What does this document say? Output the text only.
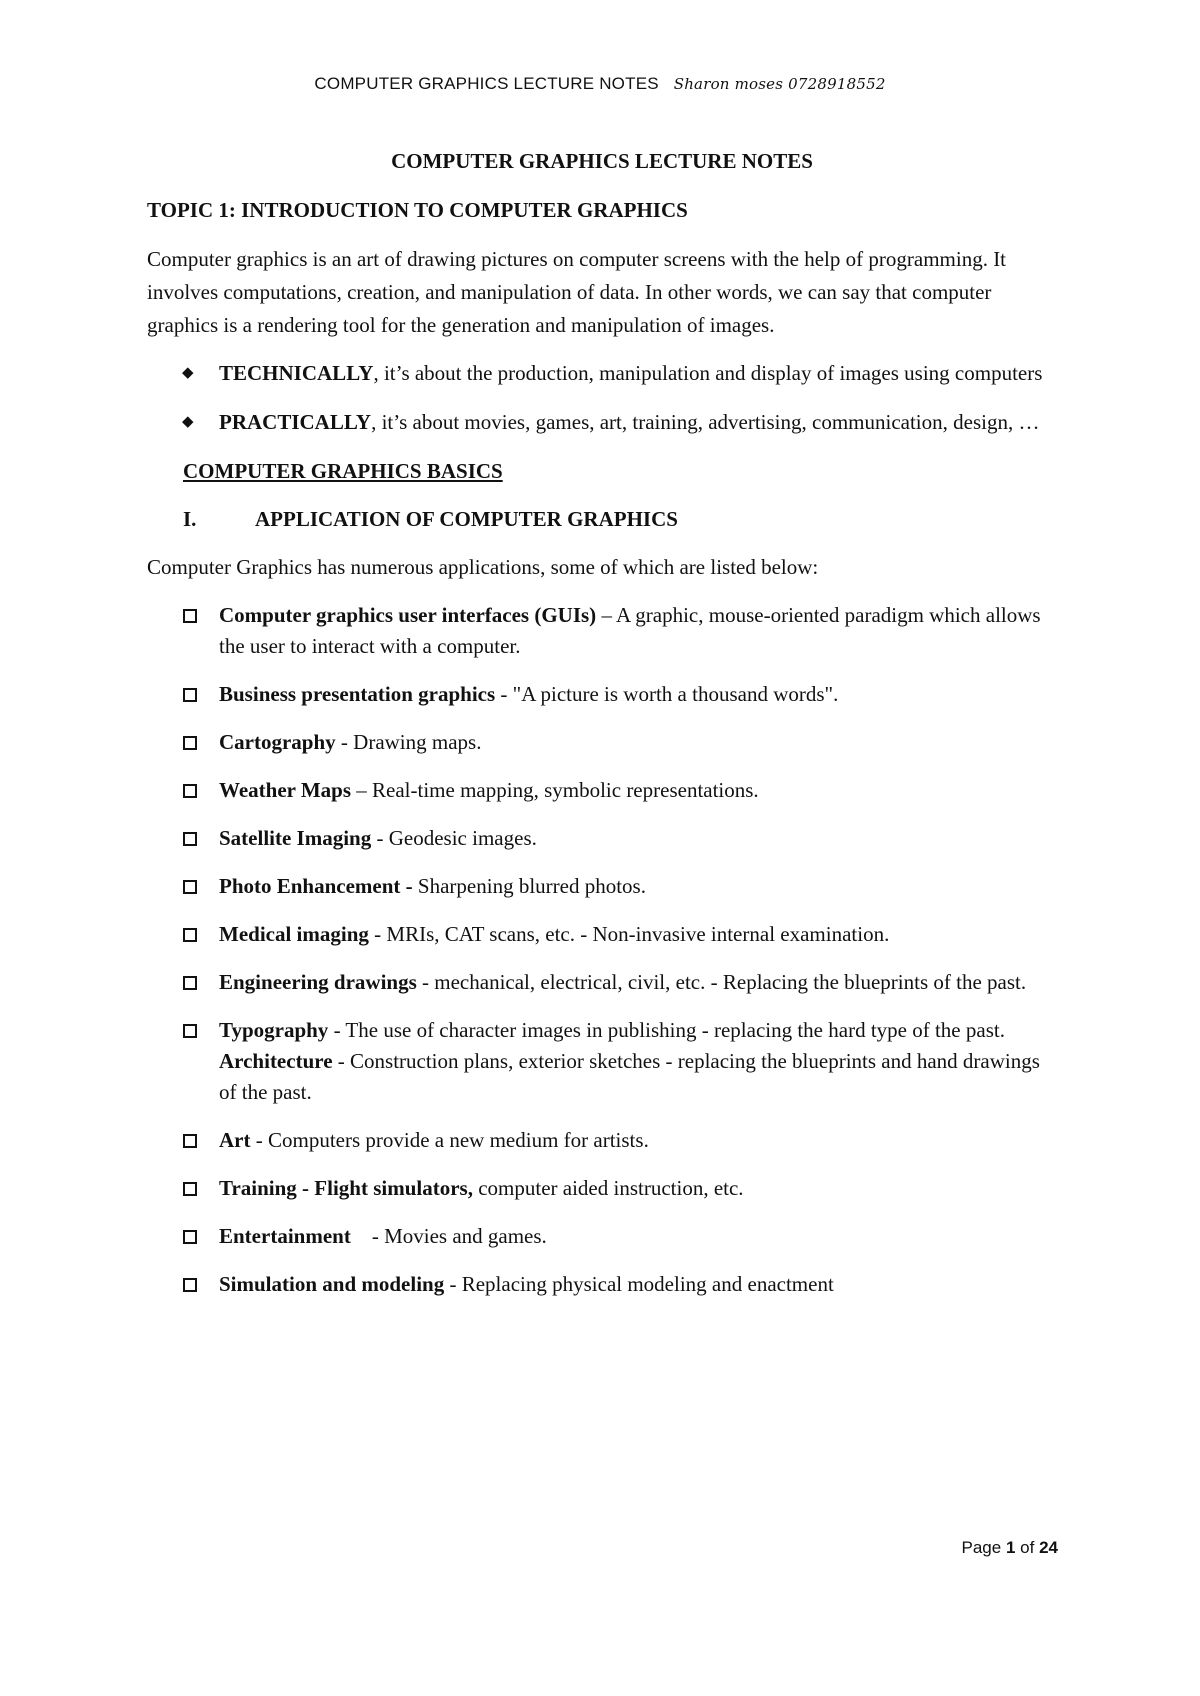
COMPUTER GRAPHICS LECTURE NOTES Sharon moses 0728918552
COMPUTER GRAPHICS LECTURE NOTES
TOPIC 1: INTRODUCTION TO COMPUTER GRAPHICS
Computer graphics is an art of drawing pictures on computer screens with the help of programming. It involves computations, creation, and manipulation of data. In other words, we can say that computer graphics is a rendering tool for the generation and manipulation of images.
◆ TECHNICALLY, it’s about the production, manipulation and display of images using computers
◆ PRACTICALLY, it’s about movies, games, art, training, advertising, communication, design, …
COMPUTER GRAPHICS BASICS
I.	APPLICATION OF COMPUTER GRAPHICS
Computer Graphics has numerous applications, some of which are listed below:
Computer graphics user interfaces (GUIs) – A graphic, mouse-oriented paradigm which allows the user to interact with a computer.
Business presentation graphics - "A picture is worth a thousand words".
Cartography - Drawing maps.
Weather Maps – Real-time mapping, symbolic representations.
Satellite Imaging - Geodesic images.
Photo Enhancement - Sharpening blurred photos.
Medical imaging - MRIs, CAT scans, etc. - Non-invasive internal examination.
Engineering drawings - mechanical, electrical, civil, etc. - Replacing the blueprints of the past.
Typography - The use of character images in publishing - replacing the hard type of the past.  Architecture - Construction plans, exterior sketches - replacing the blueprints and hand drawings of the past.
Art - Computers provide a new medium for artists.
Training - Flight simulators, computer aided instruction, etc.
Entertainment    - Movies and games.
Simulation and modeling - Replacing physical modeling and enactment
Page 1 of 24
